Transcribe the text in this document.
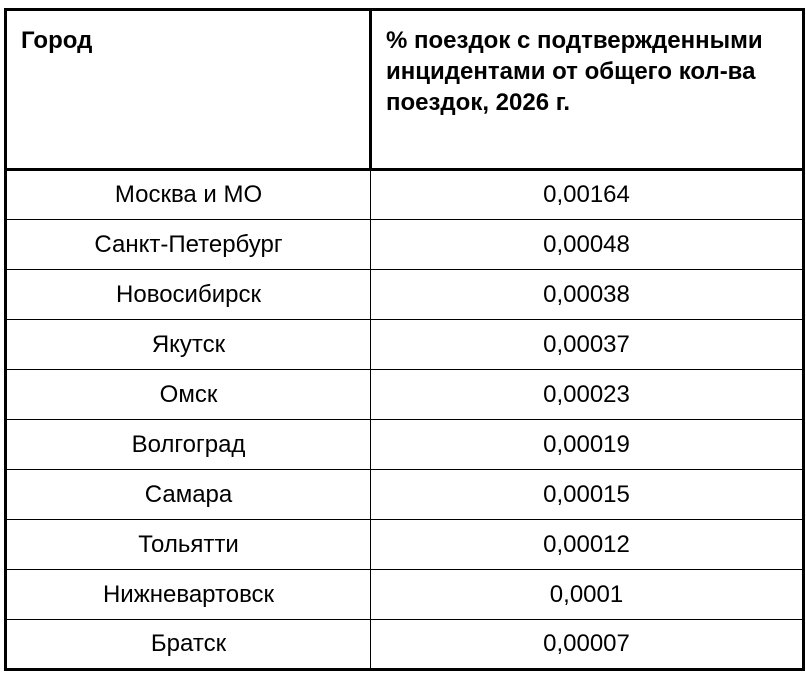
Город	% поездок с подтвержденными инцидентами от общего кол-ва поездок, 2026 г.
Москва и МО	0,00164
Санкт-Петербург	0,00048
Новосибирск	0,00038
Якутск	0,00037
Омск	0,00023
Волгоград	0,00019
Самара	0,00015
Тольятти	0,00012
Нижневартовск	0,0001
Братск	0,00007
